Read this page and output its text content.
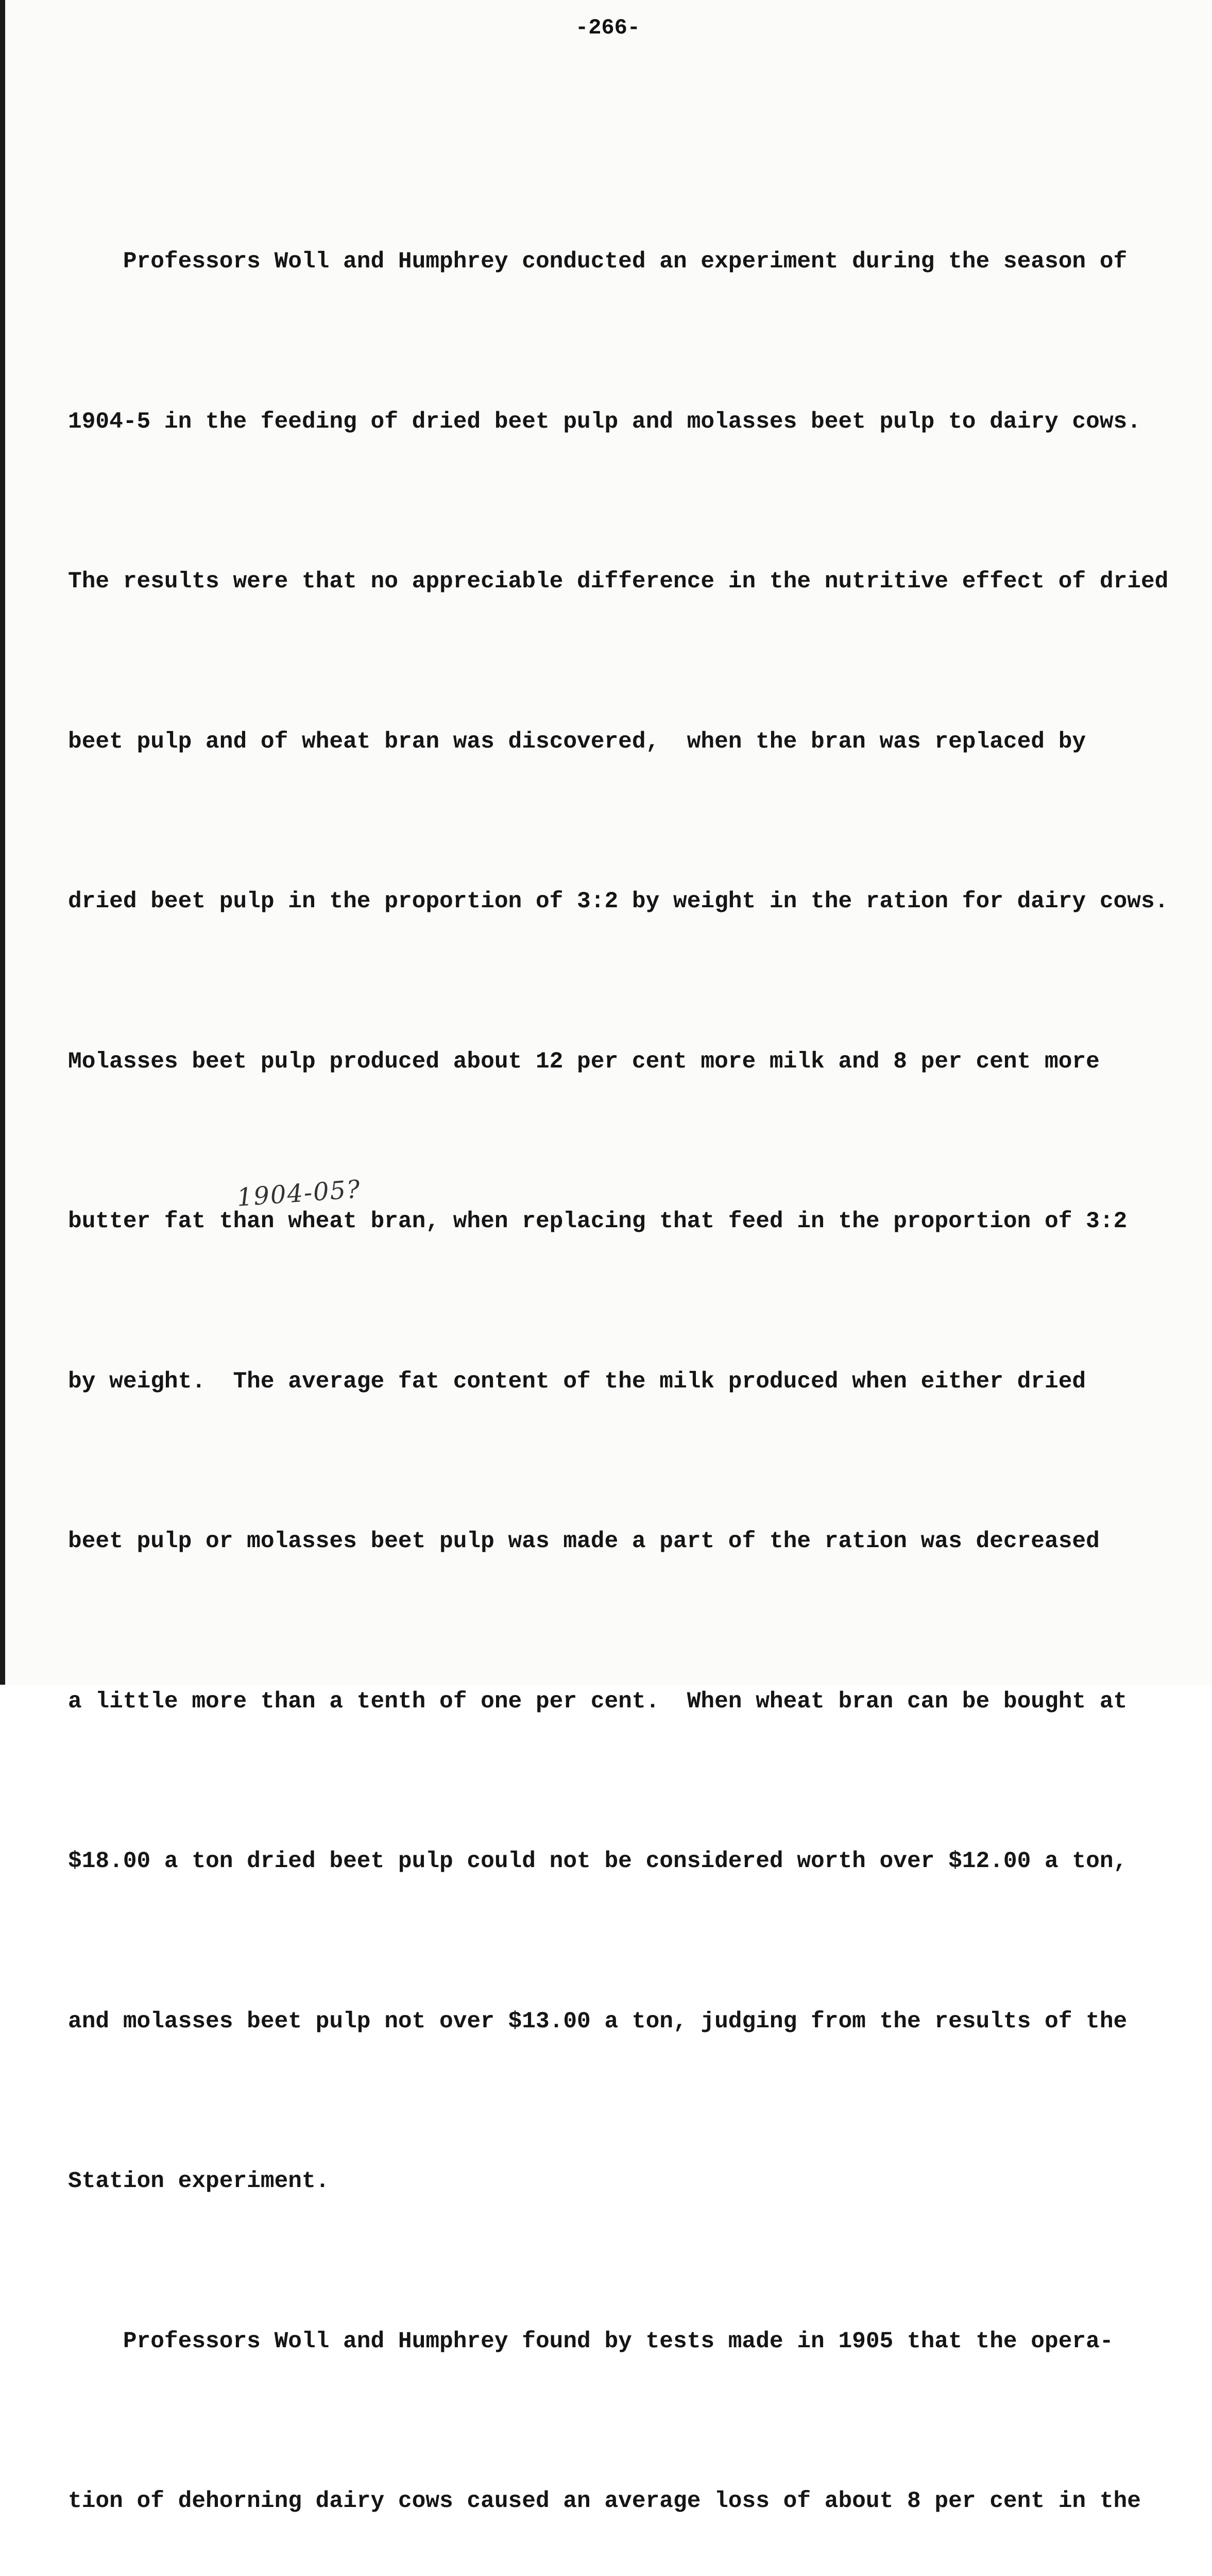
-266-

Professors Woll and Humphrey conducted an experiment during the season of

1904-5 in the feeding of dried beet pulp and molasses beet pulp to dairy cows.

The results were that no appreciable difference in the nutritive effect of dried

beet pulp and of wheat bran was discovered,  when the bran was replaced by

dried beet pulp in the proportion of 3:2 by weight in the ration for dairy cows.

Molasses beet pulp produced about 12 per cent more milk and 8 per cent more

butter fat than wheat bran, when replacing that feed in the proportion of 3:2

by weight.  The average fat content of the milk produced when either dried

beet pulp or molasses beet pulp was made a part of the ration was decreased

a little more than a tenth of one per cent.  When wheat bran can be bought at

$18.00 a ton dried beet pulp could not be considered worth over $12.00 a ton,

and molasses beet pulp not over $13.00 a ton, judging from the results of the

Station experiment.

Professors Woll and Humphrey found by tests made in 1905 that the opera-

tion of dehorning dairy cows caused an average loss of about 8 per cent in the

1904-05?
